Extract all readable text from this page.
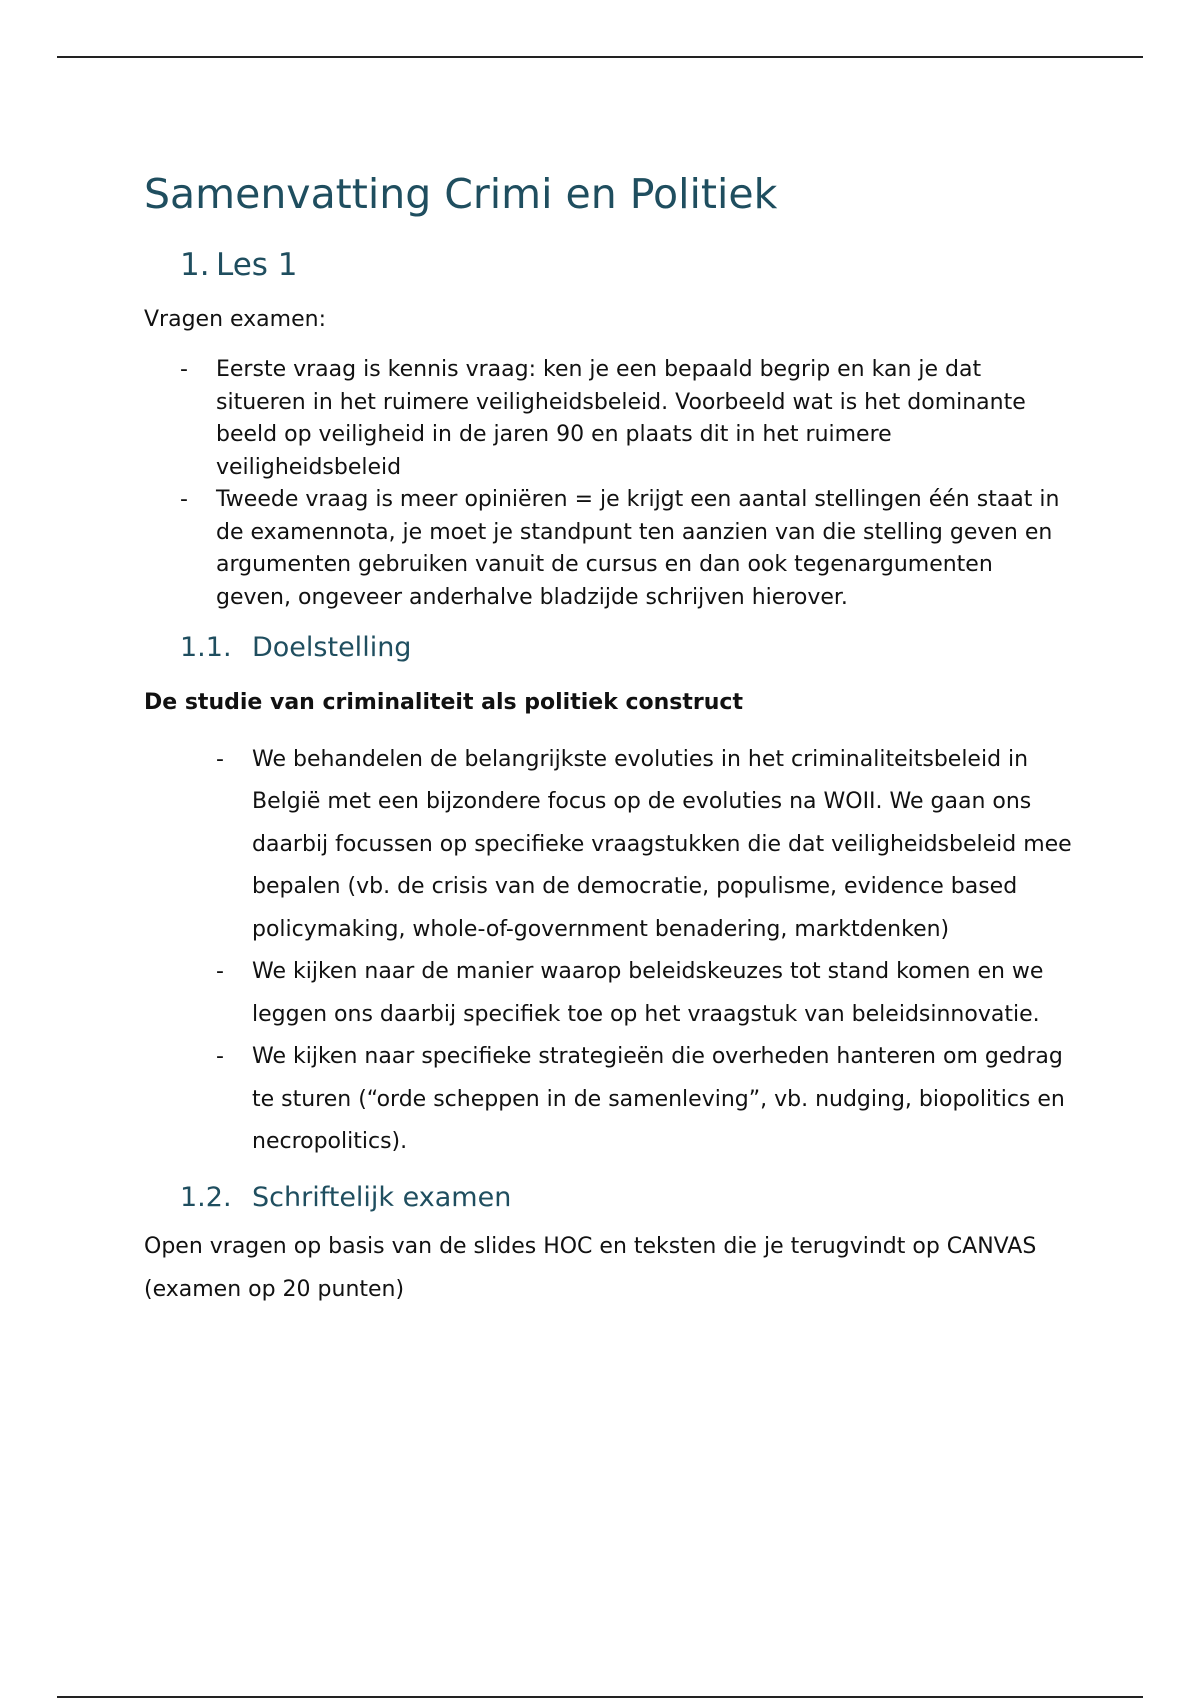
Samenvatting Crimi en Politiek
1. Les 1

Vragen examen:

- Eerste vraag is kennis vraag: ken je een bepaald begrip en kan je dat situeren in het ruimere veiligheidsbeleid. Voorbeeld wat is het dominante beeld op veiligheid in de jaren 90 en plaats dit in het ruimere veiligheidsbeleid
- Tweede vraag is meer opiniëren = je krijgt een aantal stellingen één staat in de examennota, je moet je standpunt ten aanzien van die stelling geven en argumenten gebruiken vanuit de cursus en dan ook tegenargumenten geven, ongeveer anderhalve bladzijde schrijven hierover.
1.1. Doelstelling
De studie van criminaliteit als politiek construct
- We behandelen de belangrijkste evoluties in het criminaliteitsbeleid in België met een bijzondere focus op de evoluties na WOII. We gaan ons daarbij focussen op specifieke vraagstukken die dat veiligheidsbeleid mee bepalen (vb. de crisis van de democratie, populisme, evidence based policymaking, whole-of-government benadering, marktdenken)
- We kijken naar de manier waarop beleidskeuzes tot stand komen en we leggen ons daarbij specifiek toe op het vraagstuk van beleidsinnovatie.
- We kijken naar specifieke strategieën die overheden hanteren om gedrag te sturen (“orde scheppen in de samenleving”, vb. nudging, biopolitics en necropolitics).
1.2. Schriftelijk examen

Open vragen op basis van de slides HOC en teksten die je terugvindt op CANVAS (examen op 20 punten)
